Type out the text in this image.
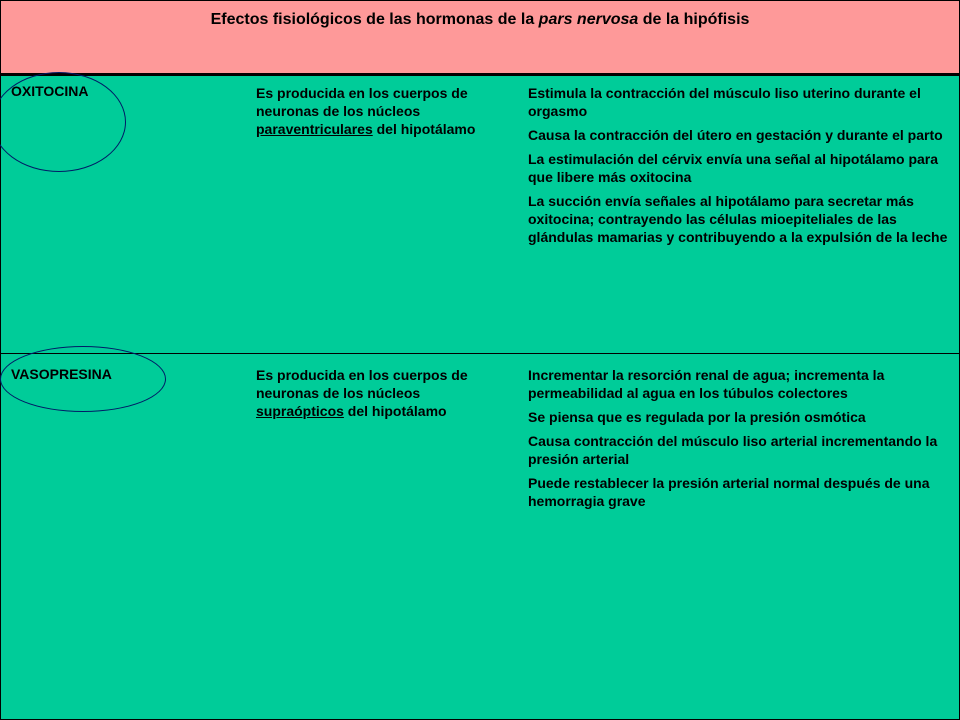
Efectos fisiológicos de las hormonas de la pars nervosa de la hipófisis
OXITOCINA	Es producida en los cuerpos de neuronas de los núcleos paraventriculares del hipotálamo
Estimula la contracción del músculo liso uterino durante el orgasmo
Causa la contracción del útero en gestación y durante el parto
La estimulación del cérvix envía una señal al hipotálamo para que libere más oxitocina
La succión envía señales al hipotálamo para secretar más oxitocina; contrayendo las células mioepiteliales de las glándulas mamarias y contribuyendo a la expulsión de la leche
VASOPRESINA	Es producida en los cuerpos de neuronas de los núcleos supraópticos del hipotálamo
Incrementar la resorción renal de agua; incrementa la permeabilidad al agua en los túbulos colectores
Se piensa que es regulada por la presión osmótica
Causa contracción del músculo liso arterial incrementando la presión arterial
Puede restablecer la presión arterial normal después de una hemorragia grave
